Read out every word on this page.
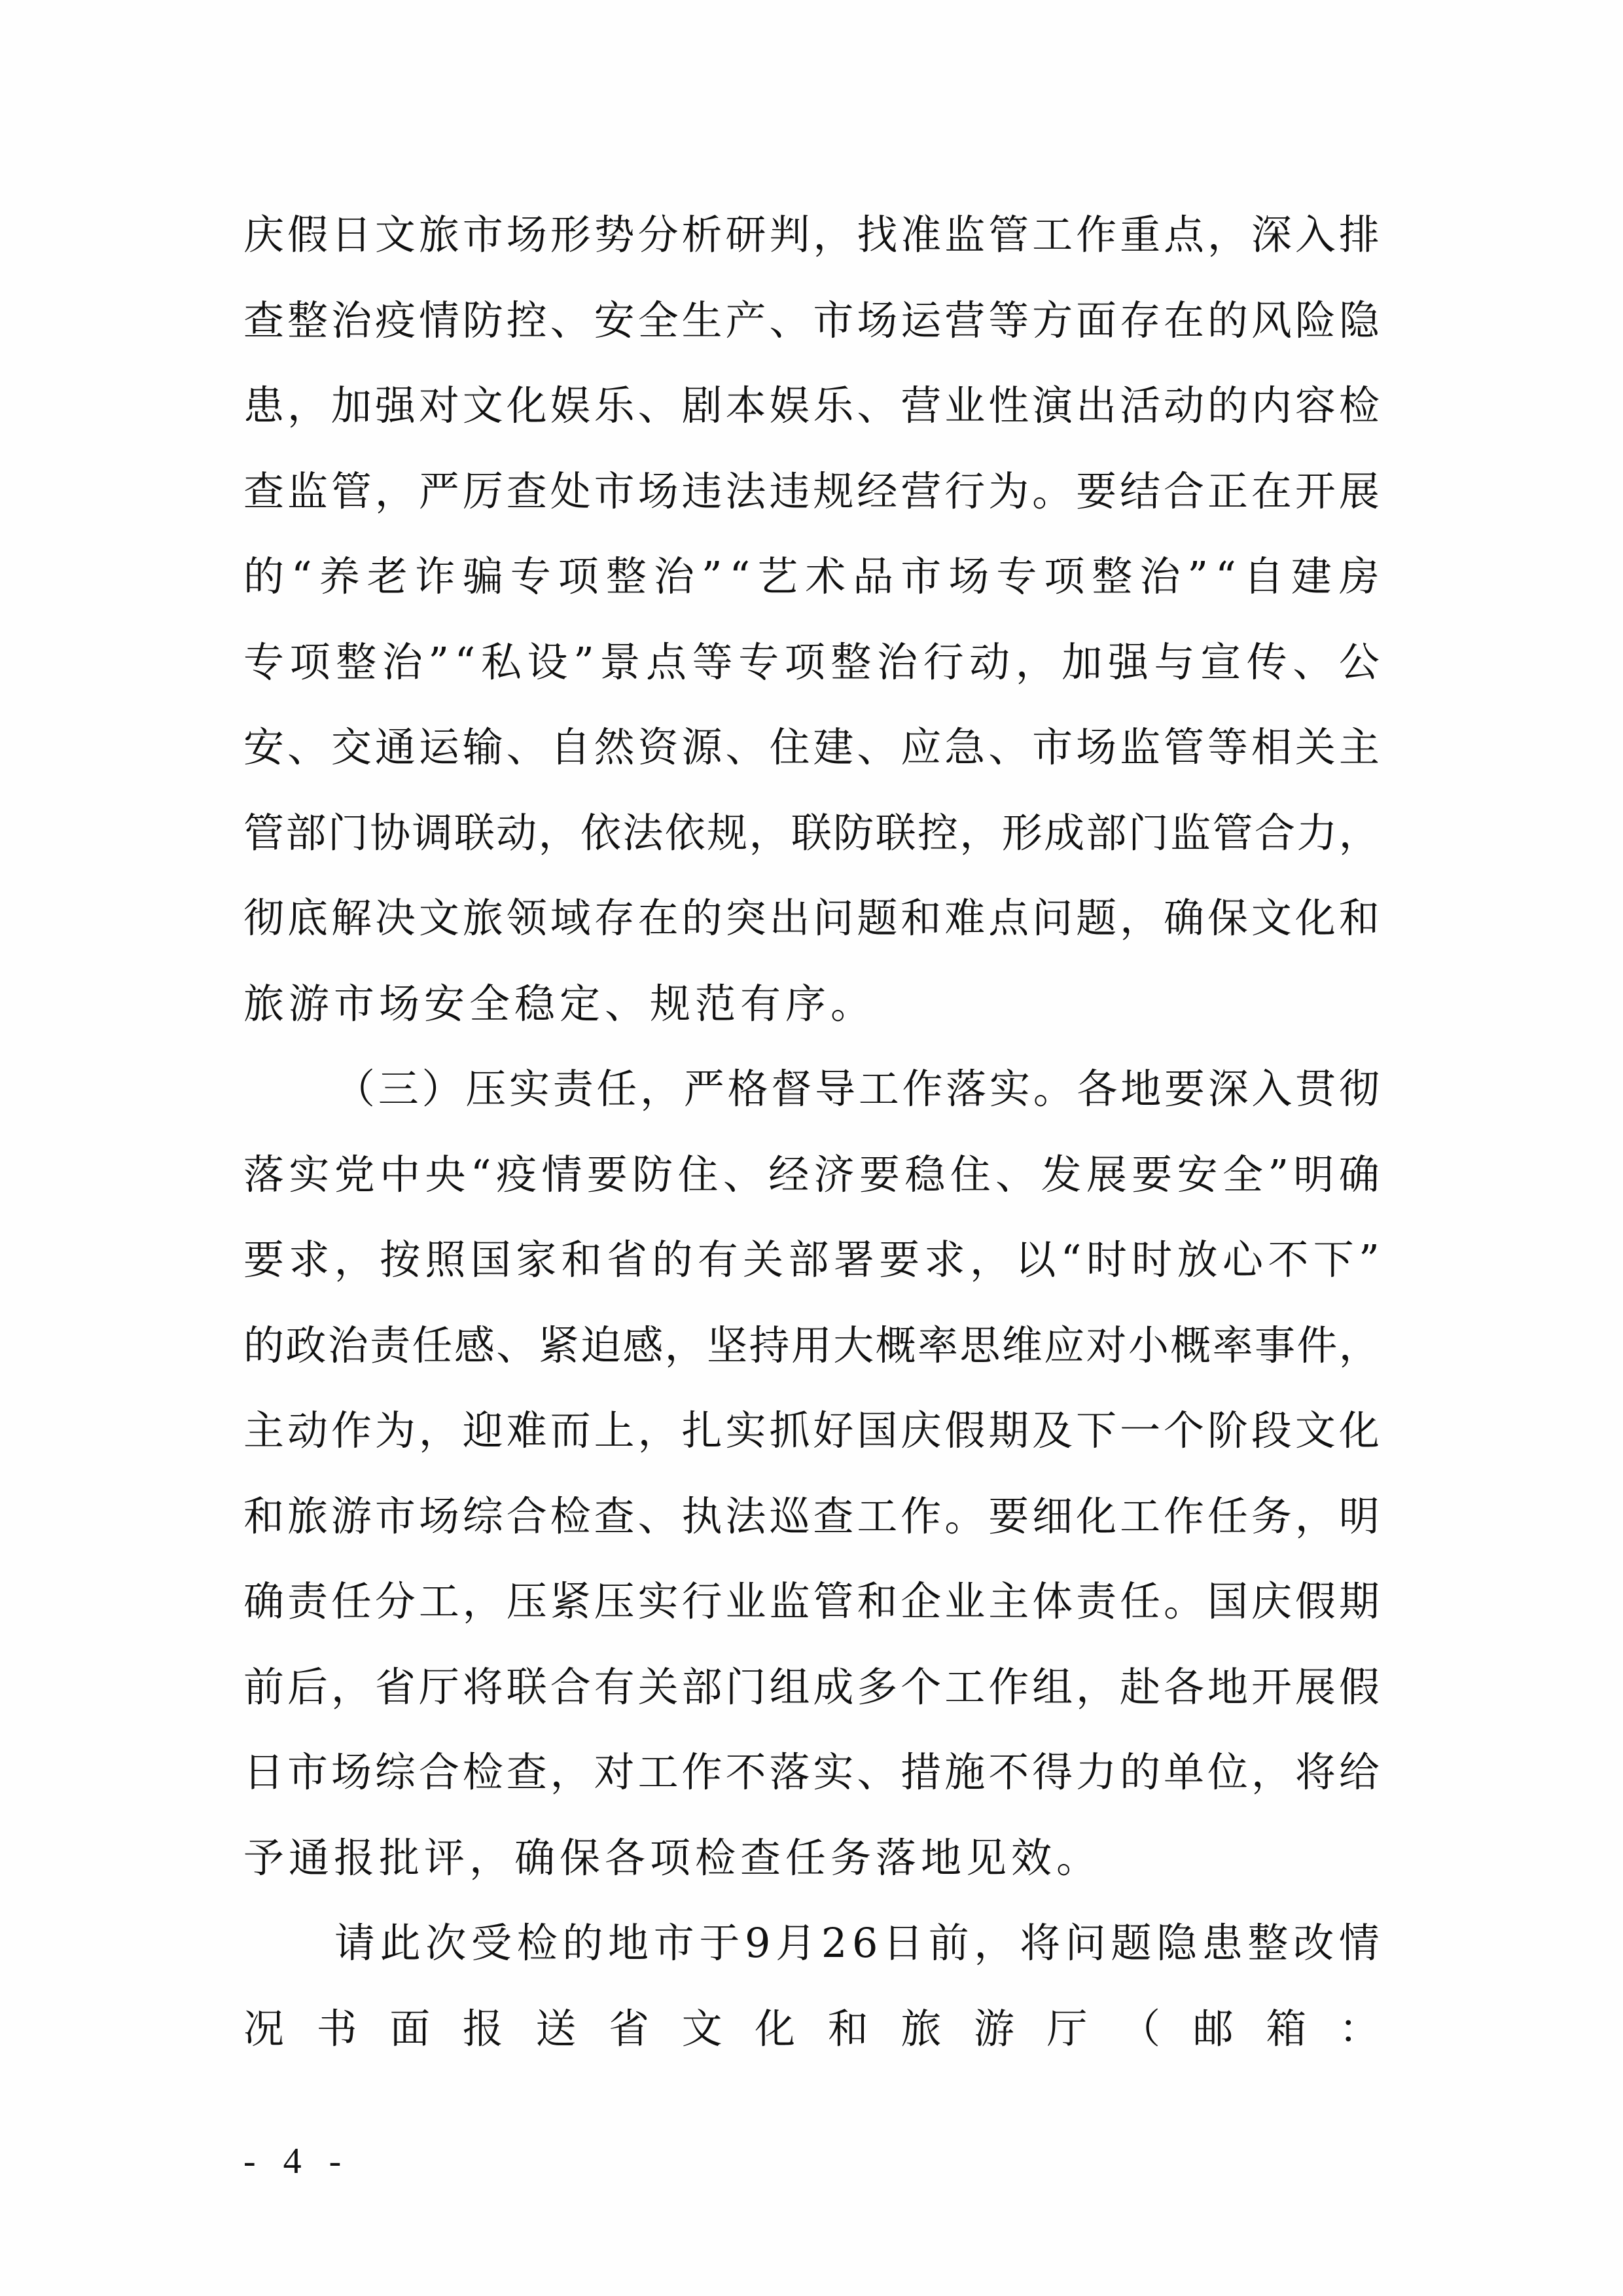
庆 假 日 文 旅 市 场 形 势 分 析 研 判 ， 找 准 监 管 工 作 重 点 ， 深 入 排
查 整 治 疫 情 防 控 、 安 全 生 产 、 市 场 运 营 等 方 面 存 在 的 风 险 隐
患 ， 加 强 对 文 化 娱 乐 、 剧 本 娱 乐 、 营 业 性 演 出 活 动 的 内 容 检
查 监 管 ， 严 厉 查 处 市 场 违 法 违 规 经 营 行 为 。 要 结 合 正 在 开 展
的 “ 养 老 诈 骗 专 项 整 治 ” “ 艺 术 品 市 场 专 项 整 治 ” “ 自 建 房
专 项 整 治 ” “ 私 设 ” 景 点 等 专 项 整 治 行 动 ， 加 强 与 宣 传 、 公
安 、 交 通 运 输 、 自 然 资 源 、 住 建 、 应 急 、 市 场 监 管 等 相 关 主
管 部 门 协 调 联 动 ， 依 法 依 规 ， 联 防 联 控 ， 形 成 部 门 监 管 合 力 ，
彻 底 解 决 文 旅 领 域 存 在 的 突 出 问 题 和 难 点 问 题 ， 确 保 文 化 和
旅游市场安全稳定、规范有序。
（ 三 ） 压 实 责 任 ， 严 格 督 导 工 作 落 实 。 各 地 要 深 入 贯 彻
落 实 党 中 央 “ 疫 情 要 防 住 、 经 济 要 稳 住 、 发 展 要 安 全 ” 明 确
要 求 ， 按 照 国 家 和 省 的 有 关 部 署 要 求 ， 以 “ 时 时 放 心 不 下 ”
的 政 治 责 任 感 、 紧 迫 感 ， 坚 持 用 大 概 率 思 维 应 对 小 概 率 事 件 ，
主 动 作 为 ， 迎 难 而 上 ， 扎 实 抓 好 国 庆 假 期 及 下 一 个 阶 段 文 化
和 旅 游 市 场 综 合 检 查 、 执 法 巡 查 工 作 。 要 细 化 工 作 任 务 ， 明
确 责 任 分 工 ， 压 紧 压 实 行 业 监 管 和 企 业 主 体 责 任 。 国 庆 假 期
前 后 ， 省 厅 将 联 合 有 关 部 门 组 成 多 个 工 作 组 ， 赴 各 地 开 展 假
日 市 场 综 合 检 查 ， 对 工 作 不 落 实 、 措 施 不 得 力 的 单 位 ， 将 给
予通报批评，确保各项检查任务落地见效。
请 此 次 受 检 的 地 市 于 9 月 2 6 日 前 ， 将 问 题 隐 患 整 改 情
况 书 面 报 送 省 文 化 和 旅 游 厅 （ 邮 箱 ：
- 4 -
